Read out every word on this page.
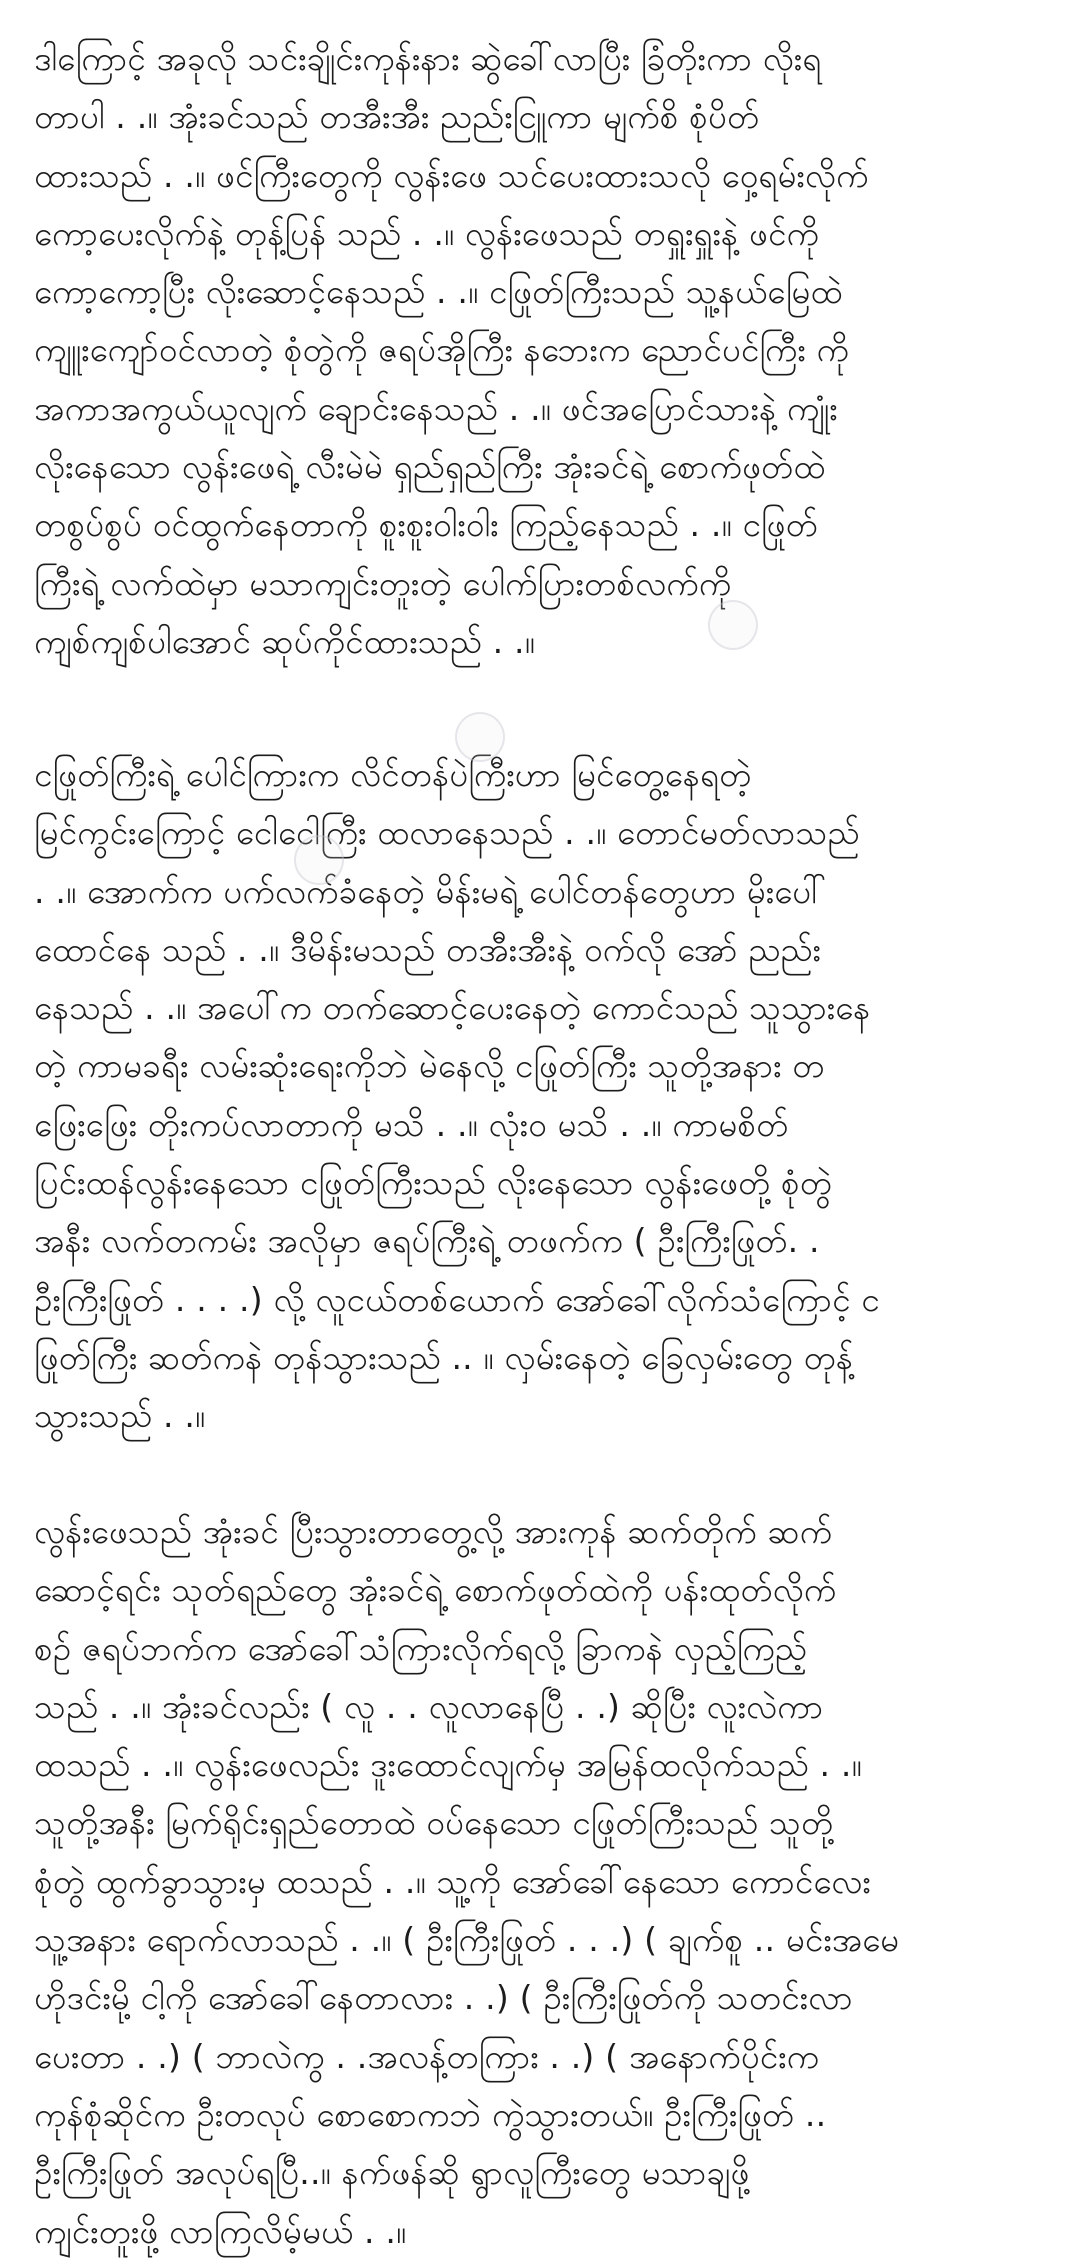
ဒါကြောင့် အခုလို သင်းချိုင်းကုန်းနား ဆွဲခေါ်လာပြီး ခြံတိုးကာ လိုးရ
တာပါ . .။ အုံးခင်သည် တအီးအီး ညည်းငြူကာ မျက်စိ စုံပိတ်
ထားသည် . .။ ဖင်ကြီးတွေကို လွန်းဖေ သင်ပေးထားသလို ဝှေ့ရမ်းလိုက်
ကော့ပေးလိုက်နဲ့ တုန့်ပြန် သည် . .။ လွန်းဖေသည် တရှူးရှူးနဲ့ ဖင်ကို
ကော့ကော့ပြီး လိုးဆောင့်နေသည် . .။ ငဖြုတ်ကြီးသည် သူ့နယ်မြေထဲ
ကျူးကျော်ဝင်လာတဲ့ စုံတွဲကို ဇရပ်အိုကြီး နဘေးက ညောင်ပင်ကြီး ကို
အကာအကွယ်ယူလျက် ချောင်းနေသည် . .။ ဖင်အပြောင်သားနဲ့ ကျုံး
လိုးနေသော လွန်းဖေရဲ့ လီးမဲမဲ ရှည်ရှည်ကြီး အုံးခင်ရဲ့ စောက်ဖုတ်ထဲ
တစွပ်စွပ် ဝင်ထွက်နေတာကို စူးစူးဝါးဝါး ကြည့်နေသည် . .။ ငဖြုတ်
ကြီးရဲ့ လက်ထဲမှာ မသာကျင်းတူးတဲ့ ပေါက်ပြားတစ်လက်ကို
ကျစ်ကျစ်ပါအောင် ဆုပ်ကိုင်ထားသည် . .။
ငဖြုတ်ကြီးရဲ့ ပေါင်ကြားက လိင်တန်ပဲကြီးဟာ မြင်တွေ့နေရတဲ့
မြင်ကွင်းကြောင့် ငေါငေါကြီး ထလာနေသည် . .။ တောင်မတ်လာသည်
. .။ အောက်က ပက်လက်ခံနေတဲ့ မိန်းမရဲ့ ပေါင်တန်တွေဟာ မိုးပေါ်
ထောင်နေ သည် . .။ ဒီမိန်းမသည် တအီးအီးနဲ့ ဝက်လို အော် ညည်း
နေသည် . .။ အပေါ်က တက်ဆောင့်ပေးနေတဲ့ ကောင်သည် သူသွားနေ
တဲ့ ကာမခရီး လမ်းဆုံးရေးကိုဘဲ မဲနေလို့ ငဖြုတ်ကြီး သူတို့အနား တ
ဖြေးဖြေး တိုးကပ်လာတာကို မသိ . .။ လုံးဝ မသိ . .။ ကာမစိတ်
ပြင်းထန်လွန်းနေသော ငဖြုတ်ကြီးသည် လိုးနေသော လွန်းဖေတို့ စုံတွဲ
အနီး လက်တကမ်း အလိုမှာ ဇရပ်ကြီးရဲ့ တဖက်က ( ဦးကြီးဖြုတ်. .
ဦးကြီးဖြုတ် . . . .) လို့ လူငယ်တစ်ယောက် အော်ခေါ်လိုက်သံကြောင့် င
ဖြုတ်ကြီး ဆတ်ကနဲ တုန်သွားသည် .. ။ လှမ်းနေတဲ့ ခြေလှမ်းတွေ တုန့်
သွားသည် . .။
လွန်းဖေသည် အုံးခင် ပြီးသွားတာတွေ့လို့ အားကုန် ဆက်တိုက် ဆက်
ဆောင့်ရင်း သုတ်ရည်တွေ အုံးခင်ရဲ့ စောက်ဖုတ်ထဲကို ပန်းထုတ်လိုက်
စဉ် ဇရပ်ဘက်က အော်ခေါ်သံကြားလိုက်ရလို့ ခြာကနဲ လှည့်ကြည့်
သည် . .။ အုံးခင်လည်း ( လူ . . လူလာနေပြီ . .) ဆိုပြီး လူးလဲကာ
ထသည် . .။ လွန်းဖေလည်း ဒူးထောင်လျက်မှ အမြန်ထလိုက်သည် . .။
သူတို့အနီး မြက်ရိုင်းရှည်တောထဲ ဝပ်နေသော ငဖြုတ်ကြီးသည် သူတို့
စုံတွဲ ထွက်ခွာသွားမှ ထသည် . .။ သူ့ကို အော်ခေါ်နေသော ကောင်လေး
သူ့အနား ရောက်လာသည် . .။ ( ဦးကြီးဖြုတ် . . .) ( ချက်စူ .. မင်းအမေ
ဟိုဒင်းမို့ ငါ့ကို အော်ခေါ်နေတာလား . .) ( ဦးကြီးဖြုတ်ကို သတင်းလာ
ပေးတာ . .) ( ဘာလဲကွ . .အလန့်တကြား . .) ( အနောက်ပိုင်းက
ကုန်စုံဆိုင်က ဦးတလုပ် စောစောကဘဲ ကွဲသွားတယ်။ ဦးကြီးဖြုတ် ..
ဦးကြီးဖြုတ် အလုပ်ရပြီ..။ နက်ဖန်ဆို ရွာလူကြီးတွေ မသာချဖို့
ကျင်းတူးဖို့ လာကြလိမ့်မယ် . .။
